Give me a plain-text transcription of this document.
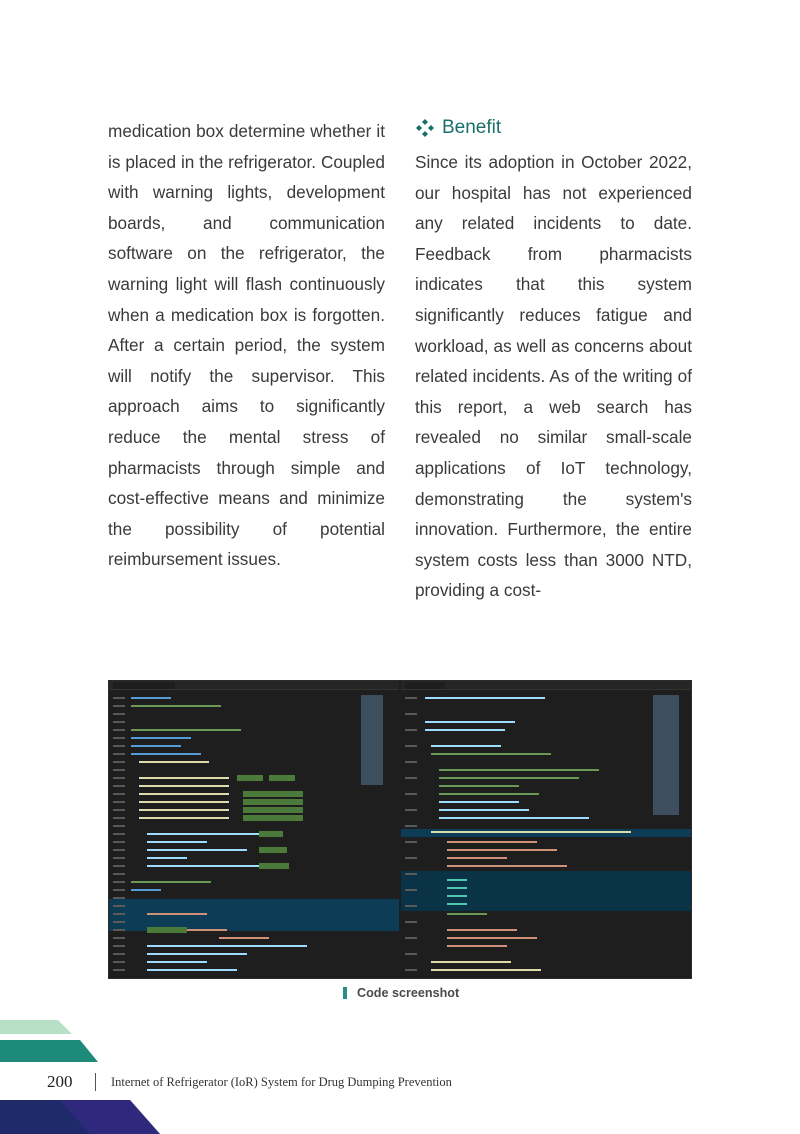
medication box determine whether it is placed in the refrigerator. Coupled with warning lights, development boards, and communication software on the refrigerator, the warning light will flash continuously when a medication box is forgotten. After a certain period, the system will notify the supervisor. This approach aims to significantly reduce the mental stress of pharmacists through simple and cost-effective means and minimize the possibility of potential reimbursement issues.

Benefit

Since its adoption in October 2022, our hospital has not experienced any related incidents to date. Feedback from pharmacists indicates that this system significantly reduces fatigue and workload, as well as concerns about related incidents. As of the writing of this report, a web search has revealed no similar small-scale applications of IoT technology, demonstrating the system's innovation. Furthermore, the entire system costs less than 3000 NTD, providing a cost-

Code screenshot
200	Internet of Refrigerator (IoR) System for Drug Dumping Prevention
